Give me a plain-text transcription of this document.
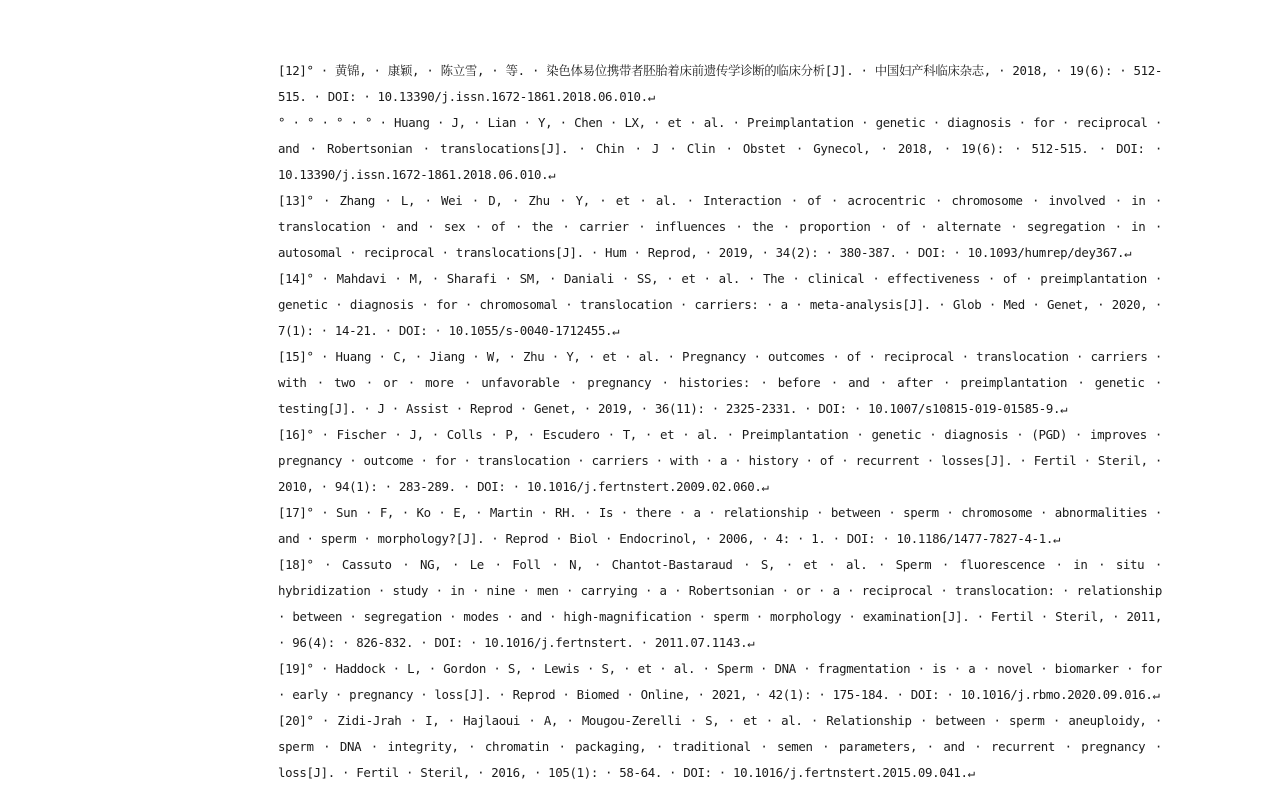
[12]° · 黄锦, · 康颖, · 陈立雪, · 等. · 染色体易位携带者胚胎着床前遗传学诊断的临床分析[J]. · 中国妇产科临床杂志, · 2018, · 19(6): · 512-515. · DOI: · 10.13390/j.issn.1672-1861.2018.06.010.↵
° · ° · ° · ° · Huang · J, · Lian · Y, · Chen · LX, · et · al. · Preimplantation · genetic · diagnosis · for · reciprocal · and · Robertsonian · translocations[J]. · Chin · J · Clin · Obstet · Gynecol, · 2018, · 19(6): · 512-515. · DOI: · 10.13390/j.issn.1672-1861.2018.06.010.↵
[13]° · Zhang · L, · Wei · D, · Zhu · Y, · et · al. · Interaction · of · acrocentric · chromosome · involved · in · translocation · and · sex · of · the · carrier · influences · the · proportion · of · alternate · segregation · in · autosomal · reciprocal · translocations[J]. · Hum · Reprod, · 2019, · 34(2): · 380-387. · DOI: · 10.1093/humrep/dey367.↵
[14]° · Mahdavi · M, · Sharafi · SM, · Daniali · SS, · et · al. · The · clinical · effectiveness · of · preimplantation · genetic · diagnosis · for · chromosomal · translocation · carriers: · a · meta-analysis[J]. · Glob · Med · Genet, · 2020, · 7(1): · 14-21. · DOI: · 10.1055/s-0040-1712455.↵
[15]° · Huang · C, · Jiang · W, · Zhu · Y, · et · al. · Pregnancy · outcomes · of · reciprocal · translocation · carriers · with · two · or · more · unfavorable · pregnancy · histories: · before · and · after · preimplantation · genetic · testing[J]. · J · Assist · Reprod · Genet, · 2019, · 36(11): · 2325-2331. · DOI: · 10.1007/s10815-019-01585-9.↵
[16]° · Fischer · J, · Colls · P, · Escudero · T, · et · al. · Preimplantation · genetic · diagnosis · (PGD) · improves · pregnancy · outcome · for · translocation · carriers · with · a · history · of · recurrent · losses[J]. · Fertil · Steril, · 2010, · 94(1): · 283-289. · DOI: · 10.1016/j.fertnstert.2009.02.060.↵
[17]° · Sun · F, · Ko · E, · Martin · RH. · Is · there · a · relationship · between · sperm · chromosome · abnormalities · and · sperm · morphology?[J]. · Reprod · Biol · Endocrinol, · 2006, · 4: · 1. · DOI: · 10.1186/1477-7827-4-1.↵
[18]° · Cassuto · NG, · Le · Foll · N, · Chantot-Bastaraud · S, · et · al. · Sperm · fluorescence · in · situ · hybridization · study · in · nine · men · carrying · a · Robertsonian · or · a · reciprocal · translocation: · relationship · between · segregation · modes · and · high-magnification · sperm · morphology · examination[J]. · Fertil · Steril, · 2011, · 96(4): · 826-832. · DOI: · 10.1016/j.fertnstert. · 2011.07.1143.↵
[19]° · Haddock · L, · Gordon · S, · Lewis · S, · et · al. · Sperm · DNA · fragmentation · is · a · novel · biomarker · for · early · pregnancy · loss[J]. · Reprod · Biomed · Online, · 2021, · 42(1): · 175-184. · DOI: · 10.1016/j.rbmo.2020.09.016.↵
[20]° · Zidi-Jrah · I, · Hajlaoui · A, · Mougou-Zerelli · S, · et · al. · Relationship · between · sperm · aneuploidy, · sperm · DNA · integrity, · chromatin · packaging, · traditional · semen · parameters, · and · recurrent · pregnancy · loss[J]. · Fertil · Steril, · 2016, · 105(1): · 58-64. · DOI: · 10.1016/j.fertnstert.2015.09.041.↵
